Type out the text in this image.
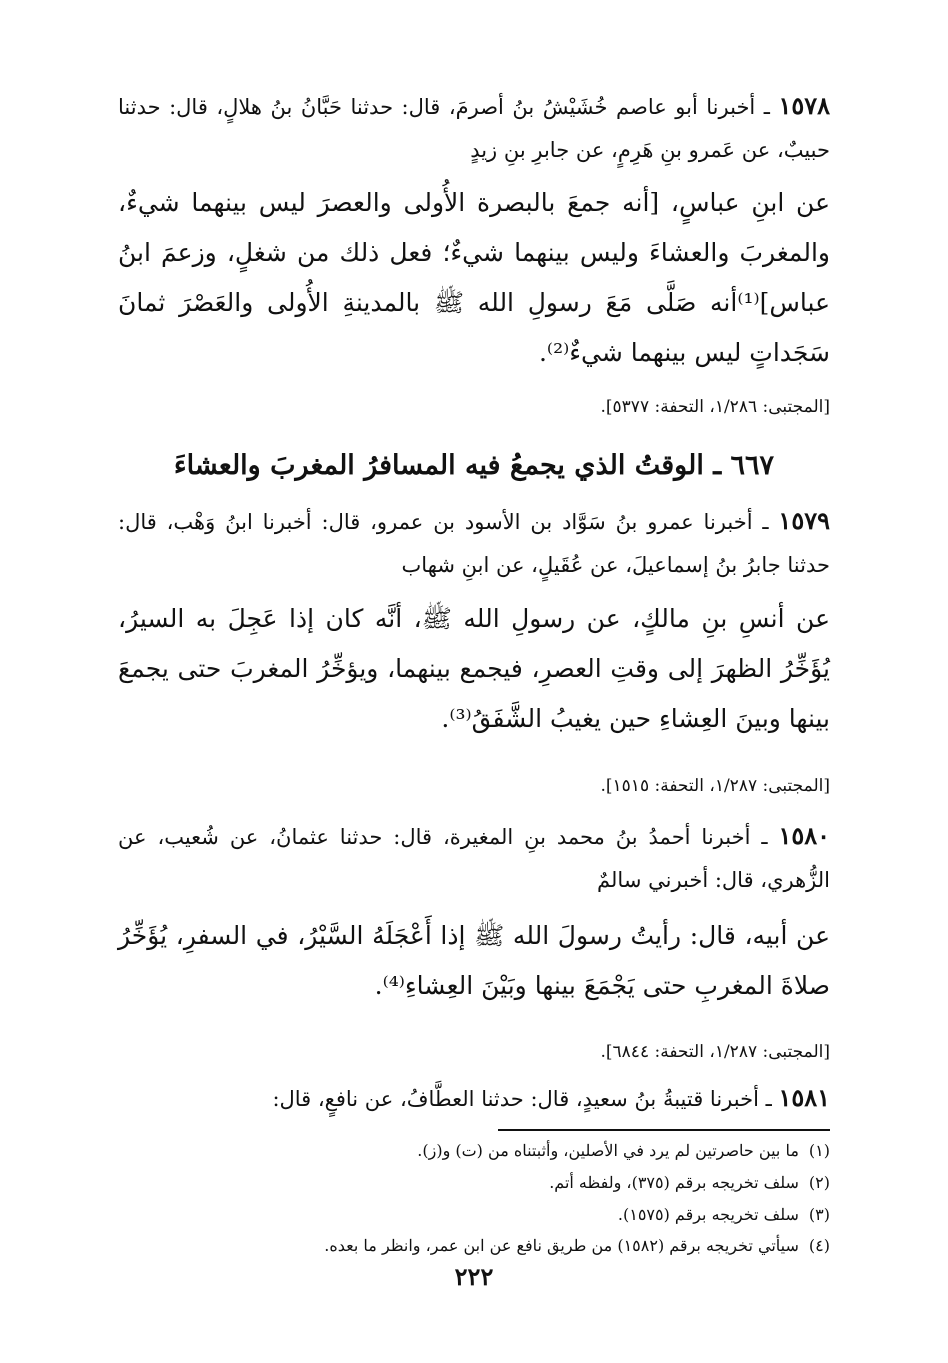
١٥٧٨ ـ أخبرنا أبو عاصم خُشَيْشُ بنُ أصرمَ، قال: حدثنا حَبَّانُ بنُ هلالٍ، قال: حدثنا حبيبٌ، عن عَمرو بنِ هَرِمٍ، عن جابرِ بنِ زيدٍ
عن ابنِ عباسٍ، [أنه جمعَ بالبصرة الأُولى والعصرَ ليس بينهما شيءٌ، والمغربَ والعشاءَ وليس بينهما شيءٌ؛ فعل ذلك من شغلٍ، وزعمَ ابنُ عباس]⁽¹⁾أنه صَلَّى مَعَ رسولِ الله ﷺ بالمدينةِ الأُولى والعَصْرَ ثمانَ سَجَداتٍ ليس بينهما شيءٌ⁽²⁾.
[المجتبى: ١/٢٨٦، التحفة: ٥٣٧٧].
٦٦٧ ـ الوقتُ الذي يجمعُ فيه المسافرُ المغربَ والعشاءَ
١٥٧٩ ـ أخبرنا عمرو بنُ سَوَّاد بن الأسود بن عمرو، قال: أخبرنا ابنُ وَهْب، قال: حدثنا جابرُ بنُ إسماعيلَ، عن عُقَيلٍ، عن ابنِ شهاب
عن أنسِ بنِ مالكٍ، عن رسولِ الله ﷺ، أنَّه كان إذا عَجِلَ به السيرُ، يُؤَخِّرُ الظهرَ إلى وقتِ العصرِ، فيجمع بينهما، ويؤخِّرُ المغربَ حتى يجمعَ بينها وبينَ العِشاءِ حين يغيبُ الشَّفَقُ⁽³⁾.
[المجتبى: ١/٢٨٧، التحفة: ١٥١٥].
١٥٨٠ ـ أخبرنا أحمدُ بنُ محمد بنِ المغيرة، قال: حدثنا عثمانُ، عن شُعيب، عن الزُّهري، قال: أخبرني سالمٌ
عن أبيه، قال: رأيتُ رسولَ الله ﷺ إذا أَعْجَلَهُ السَّيْرُ، في السفرِ، يُؤَخِّرُ صلاةَ المغربِ حتى يَجْمَعَ بينها وبَيْنَ العِشاءِ⁽⁴⁾.
[المجتبى: ١/٢٨٧، التحفة: ٦٨٤٤].
١٥٨١ ـ أخبرنا قتيبةُ بنُ سعيدٍ، قال: حدثنا العطَّافُ، عن نافعٍ، قال:
(١)ما بين حاصرتين لم يرد في الأصلين، وأثبتناه من (ت) و(ز).
(٢)سلف تخريجه برقم (٣٧٥)، ولفظه أتم.
(٣)سلف تخريجه برقم (١٥٧٥).
(٤)سيأتي تخريجه برقم (١٥٨٢) من طريق نافع عن ابن عمر، وانظر ما بعده.
٢٢٢
